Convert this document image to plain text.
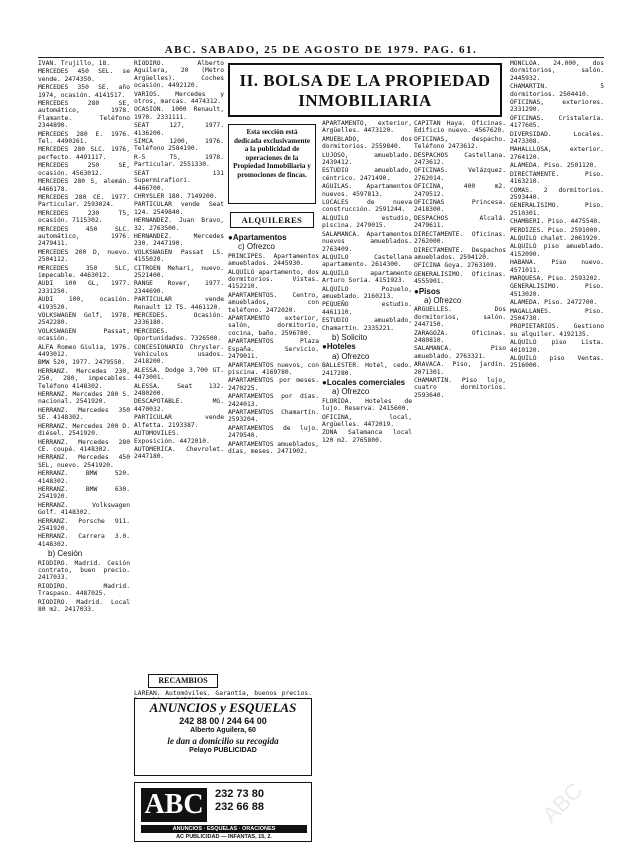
ABC. SABADO, 25 DE AGOSTO DE 1979. PAG. 61.

IVAN. Trujillo, 18.

MERCEDES 450 SEL. se vende. 2474350.

MERCEDES 350 SE. año 1974, ocasión. 4141517.

MERCEDES 280 SE, automático, 1978. Flamante. Teléfono 2344890.

MERCEDES 280 E. 1976. Tel. 4490261.

MERCEDES 280 SLC. 1976, perfecto. 4491117.

MERCEDES 250 SE, ocasión. 4563012.

MERCEDES 280 S, alemán. 4466178.

MERCEDES 280 CE. 1977. Particular. 2593024.

MERCEDES 230 T5, ocasión. 7115302.

MERCEDES 450 SLC. automático, 1976. 2479411.

MERCEDES 200 D, nuevo. 2504112.

MERCEDES 350 SLC, impecable. 4463012.

AUDI 100 GL, 1977. 2331250.

AUDI 100, ocasión. 4193520.

VOLKSWAGEN Golf, 1978. 2542280.

VOLKSWAGEN Passat, ocasión.

ALFA Romeo Giulia, 1976. 4493012.

BMW 520, 1977. 2479550.

HERRANZ. Mercedes 230, 250, 280, impecables. Teléfono 4148302.

HERRANZ. Mercedes 280 S. nacional. 2541920.

HERRANZ. Mercedes 350 SE. 4148302.

HERRANZ. Mercedes 200 D. diésel. 2541920.

HERRANZ. Mercedes 280 CE. coupé. 4148302.

HERRANZ. Mercedes 450 SEL, nuevo. 2541920.

HERRANZ. BMW 520. 4148302.

HERRANZ. BMW 630. 2541920.

HERRANZ. Volkswagen Golf. 4148302.

HERRANZ. Porsche 911. 2541920.

HERRANZ. Carrera 3.0. 4148302.

b) Cesión

RIODIRO. Madrid. Cesión contrato, buen precio. 2417033.

RIODIRO. Madrid. Traspaso. 4487025.

RIODIRO. Madrid. Local 80 m2. 2417033.

RIODIRO. Alberto Aguilera, 20 (Metro Argüelles). Coches ocasión. 4492120.

VARIOS. Mercedes y otros, marcas. 4474312.

OCASION. 1000 Renault, 1970. 2331111.

SEAT 127, 1977. 4136200.

SIMCA 1200, 1976. Teléfono 2584190.

R-5 TS, 1978. Particular. 2551330.

SEAT 131 Supermirafiori. 4466700.

CHRYSLER 180. 7149200.

PARTICULAR vende Seat 124. 2549840.

HERNANDEZ. Juan Bravo, 32. 2763500.

HERNANDEZ. Mercedes 230. 2447190.

VOLKSWAGEN Passat LS. 4155020.

CITROEN Mehari, nuevo. 2521400.

RANGE Rover, 1977. 2344690.

PARTICULAR vende Renault 12 TS. 4461120.

MERCEDES. Ocasión. 2336180.

MERCEDES. Oportunidades. 7326500.

CONCESIONARIO Chrysler. Vehículos usados. 2418200.

ALESSA. Dodge 3.700 GT. 4473001.

ALESSA. Seat 132. 2480200.

DESCAPOTABLE. MG. 4470032.

PARTICULAR vende Alfetta. 2193387.

AUTOMOVILES. Exposición. 4472010.

AUTOMERICA. Chevrolet. 2447180.

RECAMBIOS

LAREAN. Automóviles. Garantía, buenos precios.

ANUNCIOS y ESQUELAS
242 88 00 / 244 64 00
Alberto Aguilera, 60
le dan a domicilio su recogida
Pelayo PUBLICIDAD
ABC	232 73 80
232 66 88
ANUNCIOS · ESQUELAS · ORACIONES
AC PUBLICIDAD — INFANTAS, 15, 2.
II. BOLSA DE LA PROPIEDAD
INMOBILIARIA
Esta sección está dedicada exclusivamente a la publicidad de operaciones de la Propiedad Inmobiliaria y promociones de fincas.
ALQUILERES
● Apartamentos
c) Ofrezco

PRINCIPES. Apartamentos amueblados. 2445930.

ALQUILO apartamento, dos dormitorios. Vistas. 4152210.

APARTAMENTOS. Centro, amueblados, con teléfono. 2472020.

APARTAMENTO exterior, salón, dormitorio, cocina, baño. 2596780.

APARTAMENTOS Plaza España. Servicio. 2479011.

APARTAMENTOS nuevos, con piscina. 4169780.

APARTAMENTOS por meses. 2470225.

APARTAMENTOS por días. 2424013.

APARTAMENTOS Chamartín. 2593204.

APARTAMENTOS de lujo. 2479540.

APARTAMENTOS amueblados, días, meses. 2471902.

APARTAMENTO, exterior, Argüelles. 4473120.

AMUEBLADO, dos dormitorios. 2559840.

LUJOSO, amueblado. 2439412.

ESTUDIO amueblado, céntrico. 2471490.

AGUILAS. Apartamentos nuevos. 4597813.

LOCALES de nueva construcción. 2591244.

ALQUILO estudio, piscina. 2479015.

SALAMANCA. Apartamentos nuevos amueblados. 2763409.

ALQUILO Castellana apartamento. 2614300.

ALQUILO apartamento Arturo Soria. 4151923.

ALQUILO Pozuelo, amueblado. 2160213.

PEQUEÑO estudio. 4461110.

ESTUDIO amueblado, Chamartín. 2335221.

b) Solicito
● Hoteles
a) Ofrezco

BALLESTER. Hotel, cedo. 2417280.

● Locales comerciales
a) Ofrezco

FLORIDA. Hoteles de lujo. Reserva. 2415600.

OFICINA, local, Argüelles. 4472019.

ZONA Salamanca local 120 m2. 2765800.

CAPITAN Haya. Oficinas. Edificio nuevo. 4567620.

OFICINAS, despacho. Teléfono 2473612.

DESPACHOS Castellana. 2473612.

OFICINAS. Velázquez. 2762014.

OFICINA, 400 m2. 2479512.

OFICINAS Princesa. 2418300.

DESPACHOS Alcalá. 2479611.

DIRECTAMENTE. Oficinas. 2762000.

DIRECTAMENTE. Despachos amueblados. 2594120.

OFICINA Goya. 2763109.

GENERALISIMO. Oficinas. 4555901.

● Pisos
a) Ofrezco

ARGUELLES. Dos dormitorios, salón. 2447150.

ZARAGOZA. Oficinas. 2480810.

SALAMANCA. Piso amueblado. 2763321.

ARAVACA. Piso, jardín. 2071301.

CHAMARTIN. Piso lujo, cuatro dormitorios. 2593640.

MONCLOA. 24.000, dos dormitorios, salón. 2445932.

CHAMARTIN. 5 dormitorios. 2504410.

OFICINAS, exteriores. 2331290.

OFICINAS. Cristalería. 4177605.

DIVERSIDAD. Locales. 2473308.

MAHALLLOSA, exterior. 2764120.

ALAMEDA. Piso. 2501120.

DIRECTAMENTE. Piso. 4163210.

COMAS. 2 dormitorios. 2593440.

GENERALISIMO. Piso. 2510301.

CHAMBERI. Piso. 4475540.

PERDIZES. Piso. 2591000.

ALQUILO chalet. 2061920.

ALQUILO piso amueblado. 4152090.

HABANA. Piso nuevo. 4571011.

MARQUESA. Piso. 2593202.

GENERALISIMO. Piso. 4513020.

ALAMEDA. Piso. 2472700.

MAGALLANES. Piso. 2504730.

PROPIETARIOS. Gestiono su alquiler. 4192135.

ALQUILO piso Lista. 4010120.

ALQUILO piso Ventas. 2516000.

ABC
